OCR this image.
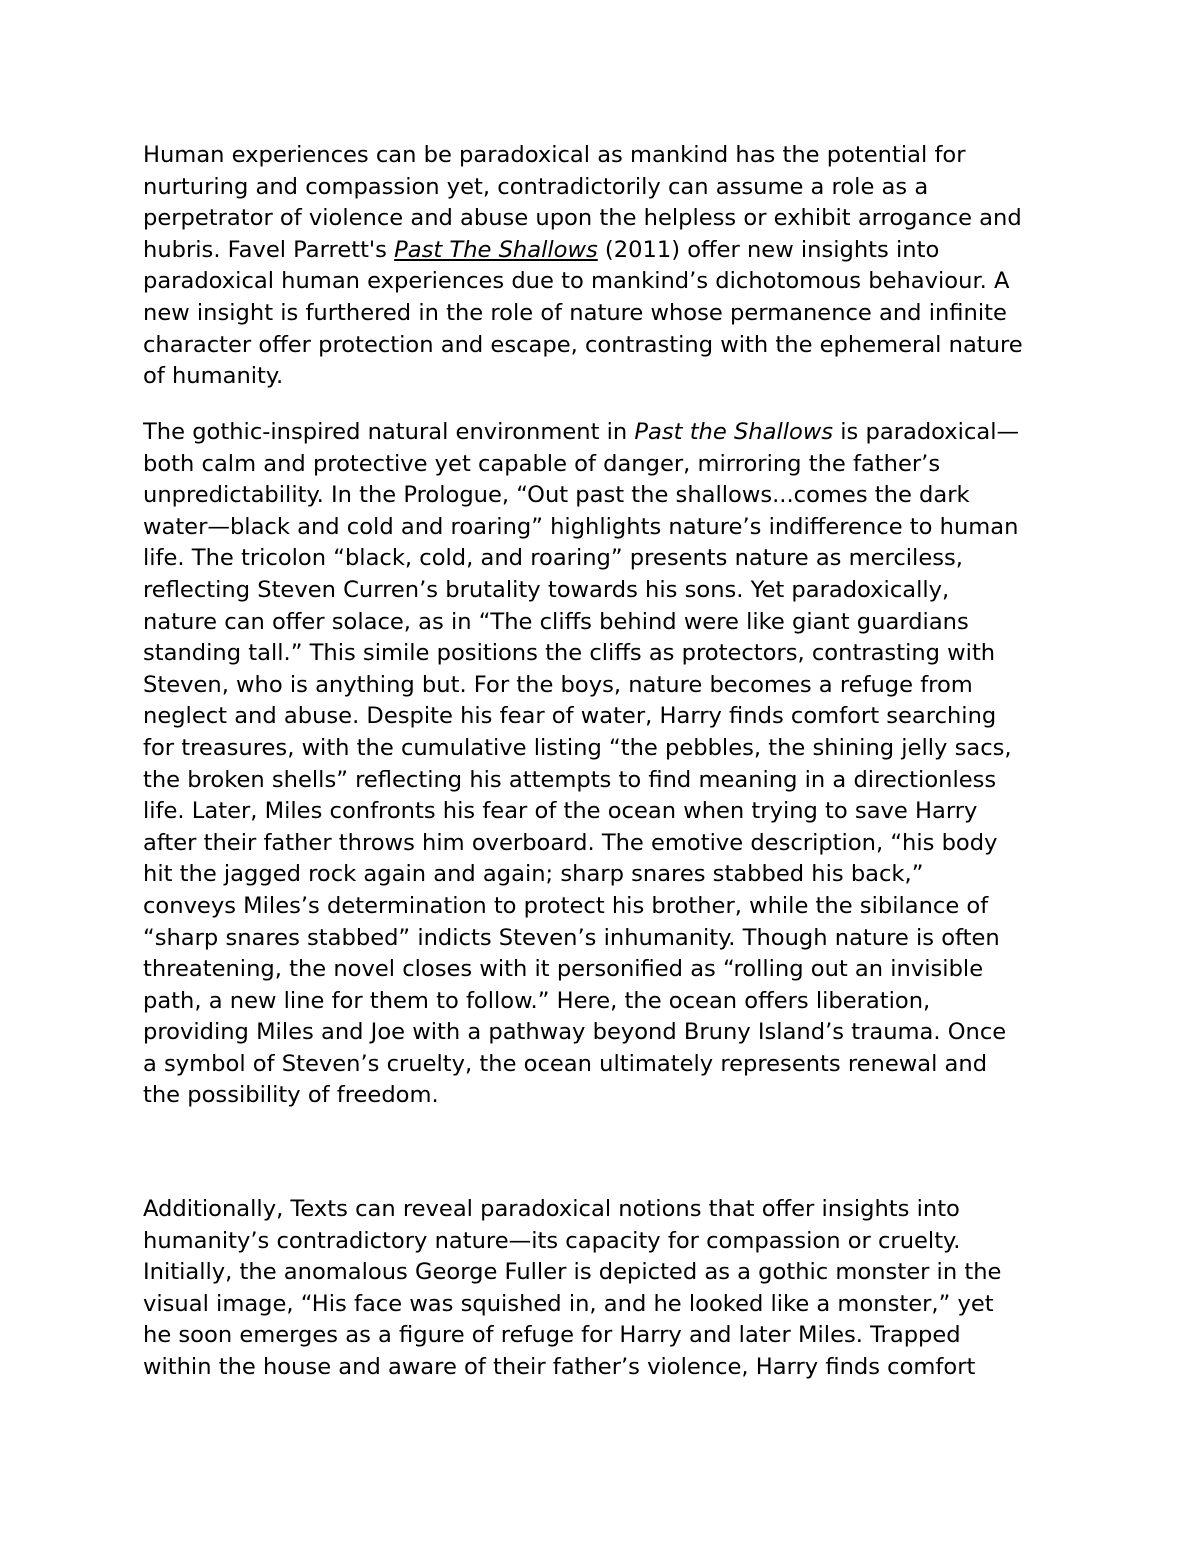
Human experiences can be paradoxical as mankind has the potential for
nurturing and compassion yet, contradictorily can assume a role as a
perpetrator of violence and abuse upon the helpless or exhibit arrogance and
hubris. Favel Parrett's Past The Shallows (2011) offer new insights into
paradoxical human experiences due to mankind’s dichotomous behaviour. A
new insight is furthered in the role of nature whose permanence and infinite
character offer protection and escape, contrasting with the ephemeral nature
of humanity.
The gothic-inspired natural environment in Past the Shallows is paradoxical—
both calm and protective yet capable of danger, mirroring the father’s
unpredictability. In the Prologue, “Out past the shallows...comes the dark
water—black and cold and roaring” highlights nature’s indifference to human
life. The tricolon “black, cold, and roaring” presents nature as merciless,
reflecting Steven Curren’s brutality towards his sons. Yet paradoxically,
nature can offer solace, as in “The cliffs behind were like giant guardians
standing tall.” This simile positions the cliffs as protectors, contrasting with
Steven, who is anything but. For the boys, nature becomes a refuge from
neglect and abuse. Despite his fear of water, Harry finds comfort searching
for treasures, with the cumulative listing “the pebbles, the shining jelly sacs,
the broken shells” reflecting his attempts to find meaning in a directionless
life. Later, Miles confronts his fear of the ocean when trying to save Harry
after their father throws him overboard. The emotive description, “his body
hit the jagged rock again and again; sharp snares stabbed his back,”
conveys Miles’s determination to protect his brother, while the sibilance of
“sharp snares stabbed” indicts Steven’s inhumanity. Though nature is often
threatening, the novel closes with it personified as “rolling out an invisible
path, a new line for them to follow.” Here, the ocean offers liberation,
providing Miles and Joe with a pathway beyond Bruny Island’s trauma. Once
a symbol of Steven’s cruelty, the ocean ultimately represents renewal and
the possibility of freedom.
Additionally, Texts can reveal paradoxical notions that offer insights into
humanity’s contradictory nature—its capacity for compassion or cruelty.
Initially, the anomalous George Fuller is depicted as a gothic monster in the
visual image, “His face was squished in, and he looked like a monster,” yet
he soon emerges as a figure of refuge for Harry and later Miles. Trapped
within the house and aware of their father’s violence, Harry finds comfort
